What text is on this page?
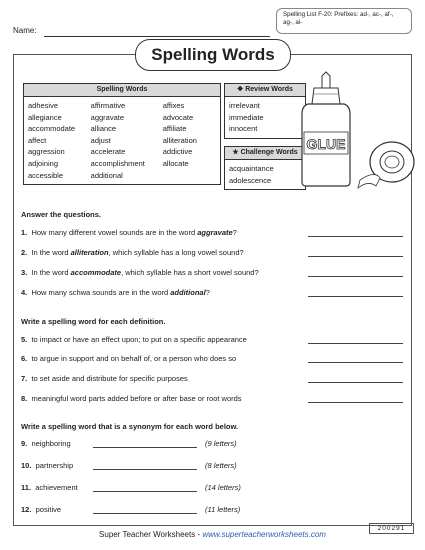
Name:
Spelling List F-20: Prefixes: ad-, ac-, af-, ag-, al-
Spelling Words
Spelling Words
adhesive
allegiance
accommodate
affect
aggression
adjoining
accessible
affirmative
aggravate
alliance
adjust
accelerate
accomplishment
additional
affixes
advocate
affiliate
alliteration
addictive
allocate
❖ Review Words
irrelevant
immediate
innocent
★ Challenge Words
acquaintance
adolescence
GLUE
Answer the questions.
1. How many different vowel sounds are in the word aggravate?
2. In the word alliteration, which syllable has a long vowel sound?
3. In the word accommodate, which syllable has a short vowel sound?
4. How many schwa sounds are in the word additional?
Write a spelling word for each definition.
5. to impact or have an effect upon; to put on a specific appearance
6. to argue in support and on behalf of, or a person who does so
7. to set aside and distribute for specific purposes
8. meaningful word parts added before or after base or root words
Write a spelling word that is a synonym for each word below.
9. neighboring	(9 letters)
10. partnership	(8 letters)
11. achievement	(14 letters)
12. positive	(11 letters)
200291
Super Teacher Worksheets - www.superteacherworksheets.com
